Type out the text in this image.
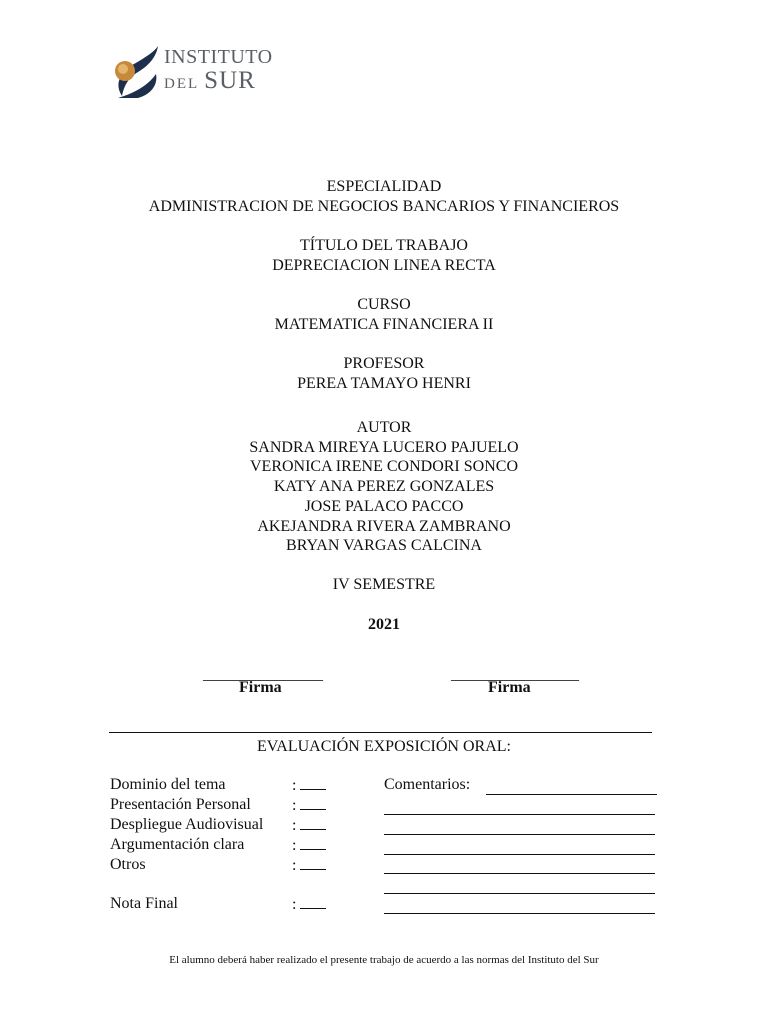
INSTITUTO
DEL SUR
ESPECIALIDAD
ADMINISTRACION DE NEGOCIOS BANCARIOS Y FINANCIEROS
TÍTULO DEL TRABAJO
DEPRECIACION LINEA RECTA
CURSO
MATEMATICA FINANCIERA II
PROFESOR
PEREA TAMAYO HENRI
AUTOR
SANDRA MIREYA LUCERO PAJUELO
VERONICA IRENE CONDORI SONCO
KATY ANA PEREZ GONZALES
JOSE PALACO PACCO
AKEJANDRA RIVERA ZAMBRANO
BRYAN VARGAS CALCINA
IV SEMESTRE
2021
_______________
Firma
________________
Firma
EVALUACIÓN EXPOSICIÓN ORAL:
Comentarios:
Dominio del tema	:
Presentación Personal	:
Despliegue Audiovisual :
Argumentación clara	:
Otros	:
Nota Final	:
El alumno deberá haber realizado el presente trabajo de acuerdo a las normas del Instituto del Sur
